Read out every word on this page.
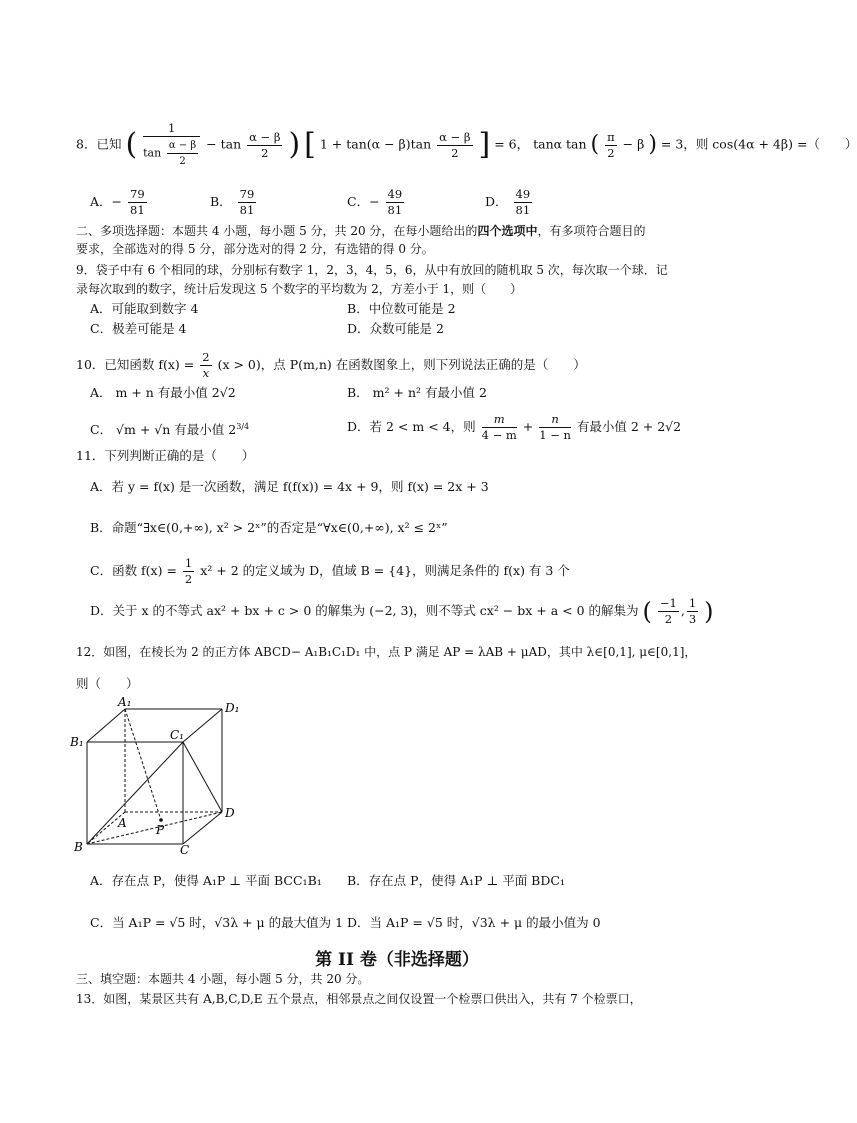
8．已知 ( $\frac{1}{\tan \frac{\alpha - \beta}{2}} - \tan \frac{\alpha - \beta}{2}$ ) [ $1 + \tan(\alpha - \beta)\tan \frac{\alpha - \beta}{2}$ ] = 6， tanα tan ( $\frac{\pi}{2} - \beta$ ) = 3，则 cos(4α + 4β) =（　　）
A．− $\frac{79}{81}$	B． $\frac{79}{81}$	C．− $\frac{49}{81}$	D． $\frac{49}{81}$
二、多项选择题：本题共 4 小题，每小题 5 分，共 20 分，在每小题给出的四个选项中，有多项符合题目的
要求，全部选对的得 5 分，部分选对的得 2 分，有选错的得 0 分。
9．袋子中有 6 个相同的球，分别标有数字 1，2，3，4，5，6，从中有放回的随机取 5 次，每次取一个球．记
录每次取到的数字，统计后发现这 5 个数字的平均数为 2，方差小于 1，则（　　）
A．可能取到数字 4	B．中位数可能是 2
C．极差可能是 4	D．众数可能是 2
10．已知函数 $f(x) = \frac{2}{x} (x > 0)$，点 P(m,n) 在函数图象上，则下列说法正确的是（　　）
A． m + n 有最小值 2√2	B． m² + n² 有最小值 2
C． √m + √n 有最小值 $2^{3/4}$	D．若 2 < m < 4，则 $\frac{m}{4 - m} + \frac{n}{1 - n}$ 有最小值 2 + 2√2
11．下列判断正确的是（　　）
A．若 y = f(x) 是一次函数，满足 f(f(x)) = 4x + 9，则 f(x) = 2x + 3
B．命题“∃x∈(0,+∞), x² > 2ˣ”的否定是“∀x∈(0,+∞), x² ≤ 2ˣ”
C．函数 $f(x) = \frac{1}{2} x^2 + 2$ 的定义域为 D，值域 B = {4}，则满足条件的 f(x) 有 3 个
D．关于 x 的不等式 ax² + bx + c > 0 的解集为 (−2, 3)，则不等式 cx² − bx + a < 0 的解集为 ( $\frac{-1}{2}$ , $\frac{1}{3}$ )
12．如图，在棱长为 2 的正方体 ABCD− A₁B₁C₁D₁ 中，点 P 满足 AP = λAB + μAD，其中 λ∈[0,1], μ∈[0,1]，
则（　　）
A₁	D₁
B₁	C₁
A P
D
B	C
A．存在点 P，使得 A₁P ⊥ 平面 BCC₁B₁ B．存在点 P，使得 A₁P ⊥ 平面 BDC₁
C．当 A₁P = √5 时，√3λ + μ 的最大值为 1 D．当 A₁P = √5 时，√3λ + μ 的最小值为 0
第 II 卷（非选择题）
三、填空题：本题共 4 小题，每小题 5 分，共 20 分。
13．如图，某景区共有 A,B,C,D,E 五个景点，相邻景点之间仅设置一个检票口供出入，共有 7 个检票口，
